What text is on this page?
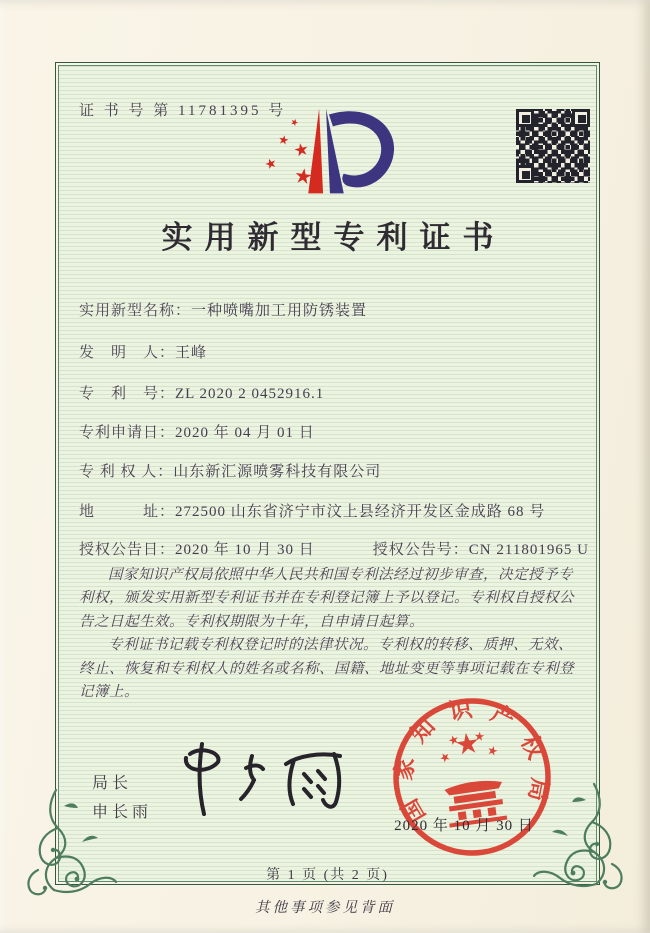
证 书 号 第 11781395 号
实用新型专利证书
实用新型名称：一种喷嘴加工用防锈装置
发　明　人：王峰
专　利　号：ZL 2020 2 0452916.1
专利申请日：2020 年 04 月 01 日
专 利 权 人：山东新汇源喷雾科技有限公司
地　　　址：272500 山东省济宁市汶上县经济开发区金成路 68 号
授权公告日：2020 年 10 月 30 日	授权公告号：CN 211801965 U

国家知识产权局依照中华人民共和国专利法经过初步审查，决定授予专利权，颁发实用新型专利证书并在专利登记簿上予以登记。专利权自授权公告之日起生效。专利权期限为十年，自申请日起算。

专利证书记载专利权登记时的法律状况。专利权的转移、质押、无效、终止、恢复和专利权人的姓名或名称、国籍、地址变更等事项记载在专利登记簿上。

局长
申长雨	国家知识产权局
2020 年 10 月 30 日
第 1 页 (共 2 页)
其他事项参见背面
